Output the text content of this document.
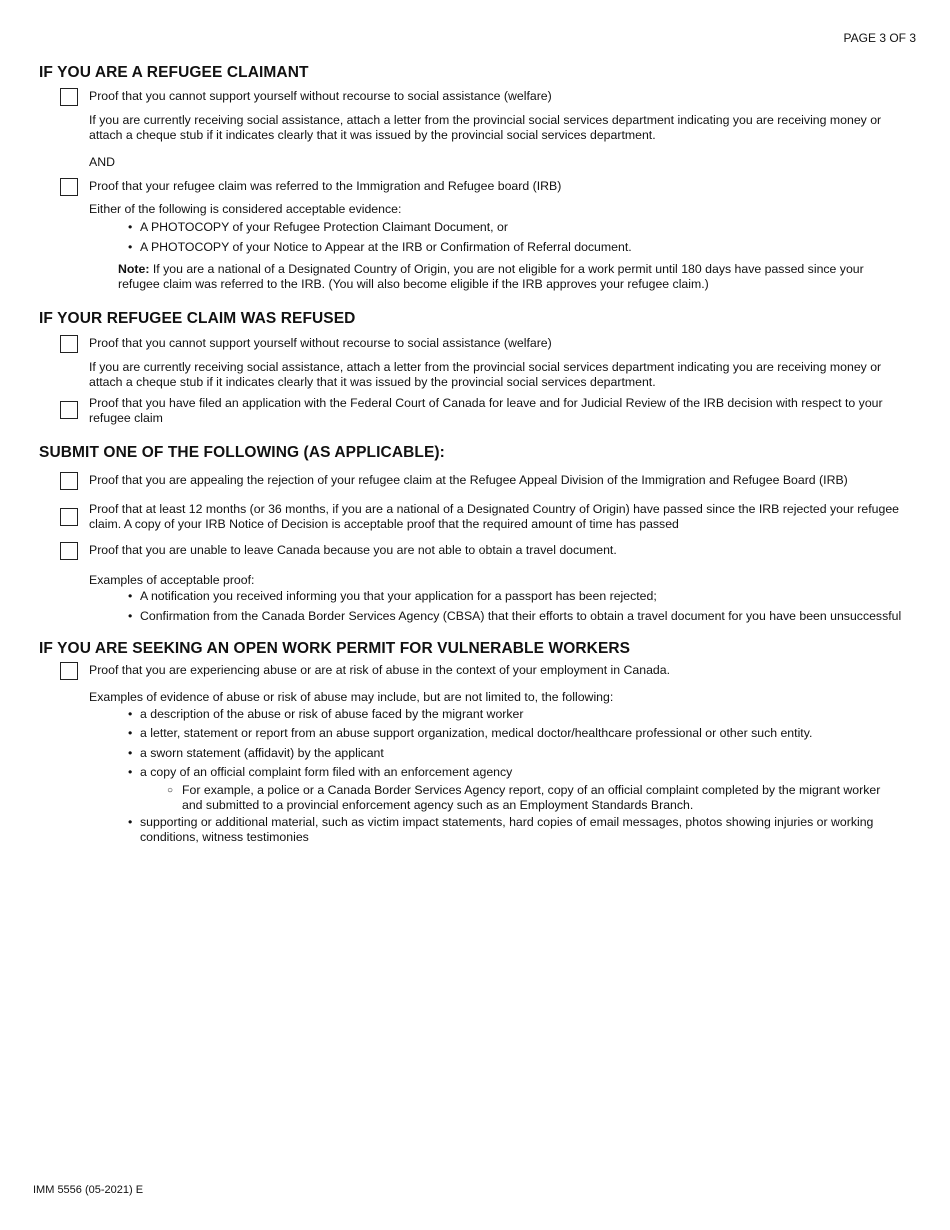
PAGE 3 OF 3
IF YOU ARE A REFUGEE CLAIMANT
Proof that you cannot support yourself without recourse to social assistance (welfare)
If you are currently receiving social assistance, attach a letter from the provincial social services department indicating you are receiving money or attach a cheque stub if it indicates clearly that it was issued by the provincial social services department.
AND
Proof that your refugee claim was referred to the Immigration and Refugee board (IRB)
Either of the following is considered acceptable evidence:
• A PHOTOCOPY of your Refugee Protection Claimant Document, or
• A PHOTOCOPY of your Notice to Appear at the IRB or Confirmation of Referral document.
Note: If you are a national of a Designated Country of Origin, you are not eligible for a work permit until 180 days have passed since your refugee claim was referred to the IRB. (You will also become eligible if the IRB approves your refugee claim.)
IF YOUR REFUGEE CLAIM WAS REFUSED
Proof that you cannot support yourself without recourse to social assistance (welfare)
If you are currently receiving social assistance, attach a letter from the provincial social services department indicating you are receiving money or attach a cheque stub if it indicates clearly that it was issued by the provincial social services department.
Proof that you have filed an application with the Federal Court of Canada for leave and for Judicial Review of the IRB decision with respect to your refugee claim
SUBMIT ONE OF THE FOLLOWING (AS APPLICABLE):
Proof that you are appealing the rejection of your refugee claim at the Refugee Appeal Division of the Immigration and Refugee Board (IRB)
Proof that at least 12 months (or 36 months, if you are a national of a Designated Country of Origin) have passed since the IRB rejected your refugee claim. A copy of your IRB Notice of Decision is acceptable proof that the required amount of time has passed
Proof that you are unable to leave Canada because you are not able to obtain a travel document.
Examples of acceptable proof:
• A notification you received informing you that your application for a passport has been rejected;
• Confirmation from the Canada Border Services Agency (CBSA) that their efforts to obtain a travel document for you have been unsuccessful
IF YOU ARE SEEKING AN OPEN WORK PERMIT FOR VULNERABLE WORKERS
Proof that you are experiencing abuse or are at risk of abuse in the context of your employment in Canada.
Examples of evidence of abuse or risk of abuse may include, but are not limited to, the following:
• a description of the abuse or risk of abuse faced by the migrant worker
• a letter, statement or report from an abuse support organization, medical doctor/healthcare professional or other such entity.
• a sworn statement (affidavit) by the applicant
• a copy of an official complaint form filed with an enforcement agency
○ For example, a police or a Canada Border Services Agency report, copy of an official complaint completed by the migrant worker and submitted to a provincial enforcement agency such as an Employment Standards Branch.
• supporting or additional material, such as victim impact statements, hard copies of email messages, photos showing injuries or working conditions, witness testimonies
IMM 5556 (05-2021) E
